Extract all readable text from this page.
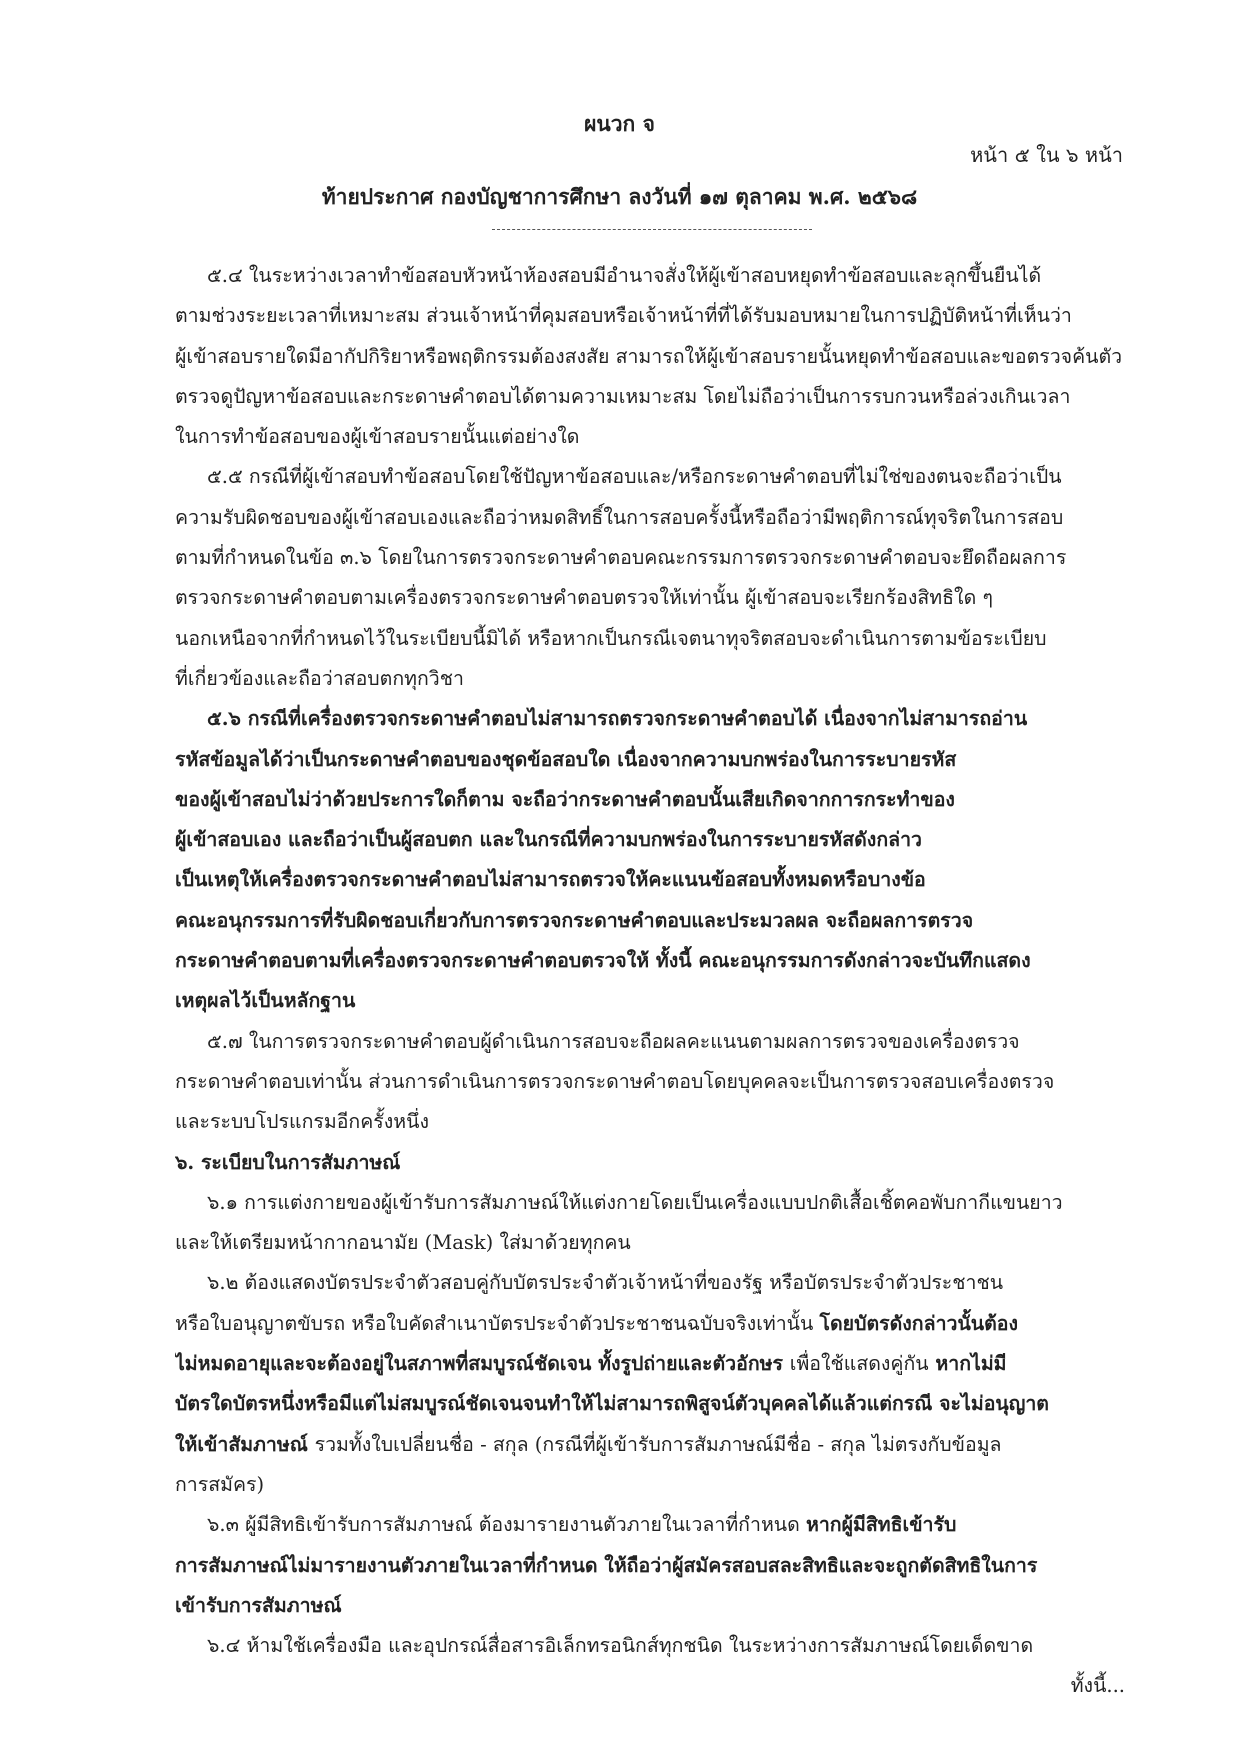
ผนวก จ
หน้า ๕ ใน ๖ หน้า
ท้ายประกาศ กองบัญชาการศึกษา ลงวันที่ ๑๗ ตุลาคม พ.ศ. ๒๕๖๘
๕.๔ ในระหว่างเวลาทำข้อสอบหัวหน้าห้องสอบมีอำนาจสั่งให้ผู้เข้าสอบหยุดทำข้อสอบและลุกขึ้นยืนได้
ตามช่วงระยะเวลาที่เหมาะสม ส่วนเจ้าหน้าที่คุมสอบหรือเจ้าหน้าที่ที่ได้รับมอบหมายในการปฏิบัติหน้าที่เห็นว่า
ผู้เข้าสอบรายใดมีอากัปกิริยาหรือพฤติกรรมต้องสงสัย สามารถให้ผู้เข้าสอบรายนั้นหยุดทำข้อสอบและขอตรวจค้นตัว
ตรวจดูปัญหาข้อสอบและกระดาษคำตอบได้ตามความเหมาะสม โดยไม่ถือว่าเป็นการรบกวนหรือล่วงเกินเวลา
ในการทำข้อสอบของผู้เข้าสอบรายนั้นแต่อย่างใด
๕.๕ กรณีที่ผู้เข้าสอบทำข้อสอบโดยใช้ปัญหาข้อสอบและ/หรือกระดาษคำตอบที่ไม่ใช่ของตนจะถือว่าเป็น
ความรับผิดชอบของผู้เข้าสอบเองและถือว่าหมดสิทธิ์ในการสอบครั้งนี้หรือถือว่ามีพฤติการณ์ทุจริตในการสอบ
ตามที่กำหนดในข้อ ๓.๖ โดยในการตรวจกระดาษคำตอบคณะกรรมการตรวจกระดาษคำตอบจะยึดถือผลการ
ตรวจกระดาษคำตอบตามเครื่องตรวจกระดาษคำตอบตรวจให้เท่านั้น ผู้เข้าสอบจะเรียกร้องสิทธิใด ๆ
นอกเหนือจากที่กำหนดไว้ในระเบียบนี้มิได้ หรือหากเป็นกรณีเจตนาทุจริตสอบจะดำเนินการตามข้อระเบียบ
ที่เกี่ยวข้องและถือว่าสอบตกทุกวิชา
๕.๖ กรณีที่เครื่องตรวจกระดาษคำตอบไม่สามารถตรวจกระดาษคำตอบได้ เนื่องจากไม่สามารถอ่าน
รหัสข้อมูลได้ว่าเป็นกระดาษคำตอบของชุดข้อสอบใด เนื่องจากความบกพร่องในการระบายรหัส
ของผู้เข้าสอบไม่ว่าด้วยประการใดก็ตาม จะถือว่ากระดาษคำตอบนั้นเสียเกิดจากการกระทำของ
ผู้เข้าสอบเอง และถือว่าเป็นผู้สอบตก และในกรณีที่ความบกพร่องในการระบายรหัสดังกล่าว
เป็นเหตุให้เครื่องตรวจกระดาษคำตอบไม่สามารถตรวจให้คะแนนข้อสอบทั้งหมดหรือบางข้อ
คณะอนุกรรมการที่รับผิดชอบเกี่ยวกับการตรวจกระดาษคำตอบและประมวลผล จะถือผลการตรวจ
กระดาษคำตอบตามที่เครื่องตรวจกระดาษคำตอบตรวจให้ ทั้งนี้ คณะอนุกรรมการดังกล่าวจะบันทึกแสดง
เหตุผลไว้เป็นหลักฐาน
๕.๗ ในการตรวจกระดาษคำตอบผู้ดำเนินการสอบจะถือผลคะแนนตามผลการตรวจของเครื่องตรวจ
กระดาษคำตอบเท่านั้น ส่วนการดำเนินการตรวจกระดาษคำตอบโดยบุคคลจะเป็นการตรวจสอบเครื่องตรวจ
และระบบโปรแกรมอีกครั้งหนึ่ง
๖. ระเบียบในการสัมภาษณ์
๖.๑ การแต่งกายของผู้เข้ารับการสัมภาษณ์ให้แต่งกายโดยเป็นเครื่องแบบปกติเสื้อเชิ้ตคอพับกากีแขนยาว
และให้เตรียมหน้ากากอนามัย (Mask) ใส่มาด้วยทุกคน
๖.๒ ต้องแสดงบัตรประจำตัวสอบคู่กับบัตรประจำตัวเจ้าหน้าที่ของรัฐ หรือบัตรประจำตัวประชาชน
หรือใบอนุญาตขับรถ หรือใบคัดสำเนาบัตรประจำตัวประชาชนฉบับจริงเท่านั้น โดยบัตรดังกล่าวนั้นต้อง
ไม่หมดอายุและจะต้องอยู่ในสภาพที่สมบูรณ์ชัดเจน ทั้งรูปถ่ายและตัวอักษร เพื่อใช้แสดงคู่กัน หากไม่มี
บัตรใดบัตรหนึ่งหรือมีแต่ไม่สมบูรณ์ชัดเจนจนทำให้ไม่สามารถพิสูจน์ตัวบุคคลได้แล้วแต่กรณี จะไม่อนุญาต
ให้เข้าสัมภาษณ์ รวมทั้งใบเปลี่ยนชื่อ - สกุล (กรณีที่ผู้เข้ารับการสัมภาษณ์มีชื่อ - สกุล ไม่ตรงกับข้อมูล
การสมัคร)
๖.๓ ผู้มีสิทธิเข้ารับการสัมภาษณ์ ต้องมารายงานตัวภายในเวลาที่กำหนด หากผู้มีสิทธิเข้ารับ
การสัมภาษณ์ไม่มารายงานตัวภายในเวลาที่กำหนด ให้ถือว่าผู้สมัครสอบสละสิทธิและจะถูกตัดสิทธิในการ
เข้ารับการสัมภาษณ์
๖.๔ ห้ามใช้เครื่องมือ และอุปกรณ์สื่อสารอิเล็กทรอนิกส์ทุกชนิด ในระหว่างการสัมภาษณ์โดยเด็ดขาด
ทั้งนี้...
